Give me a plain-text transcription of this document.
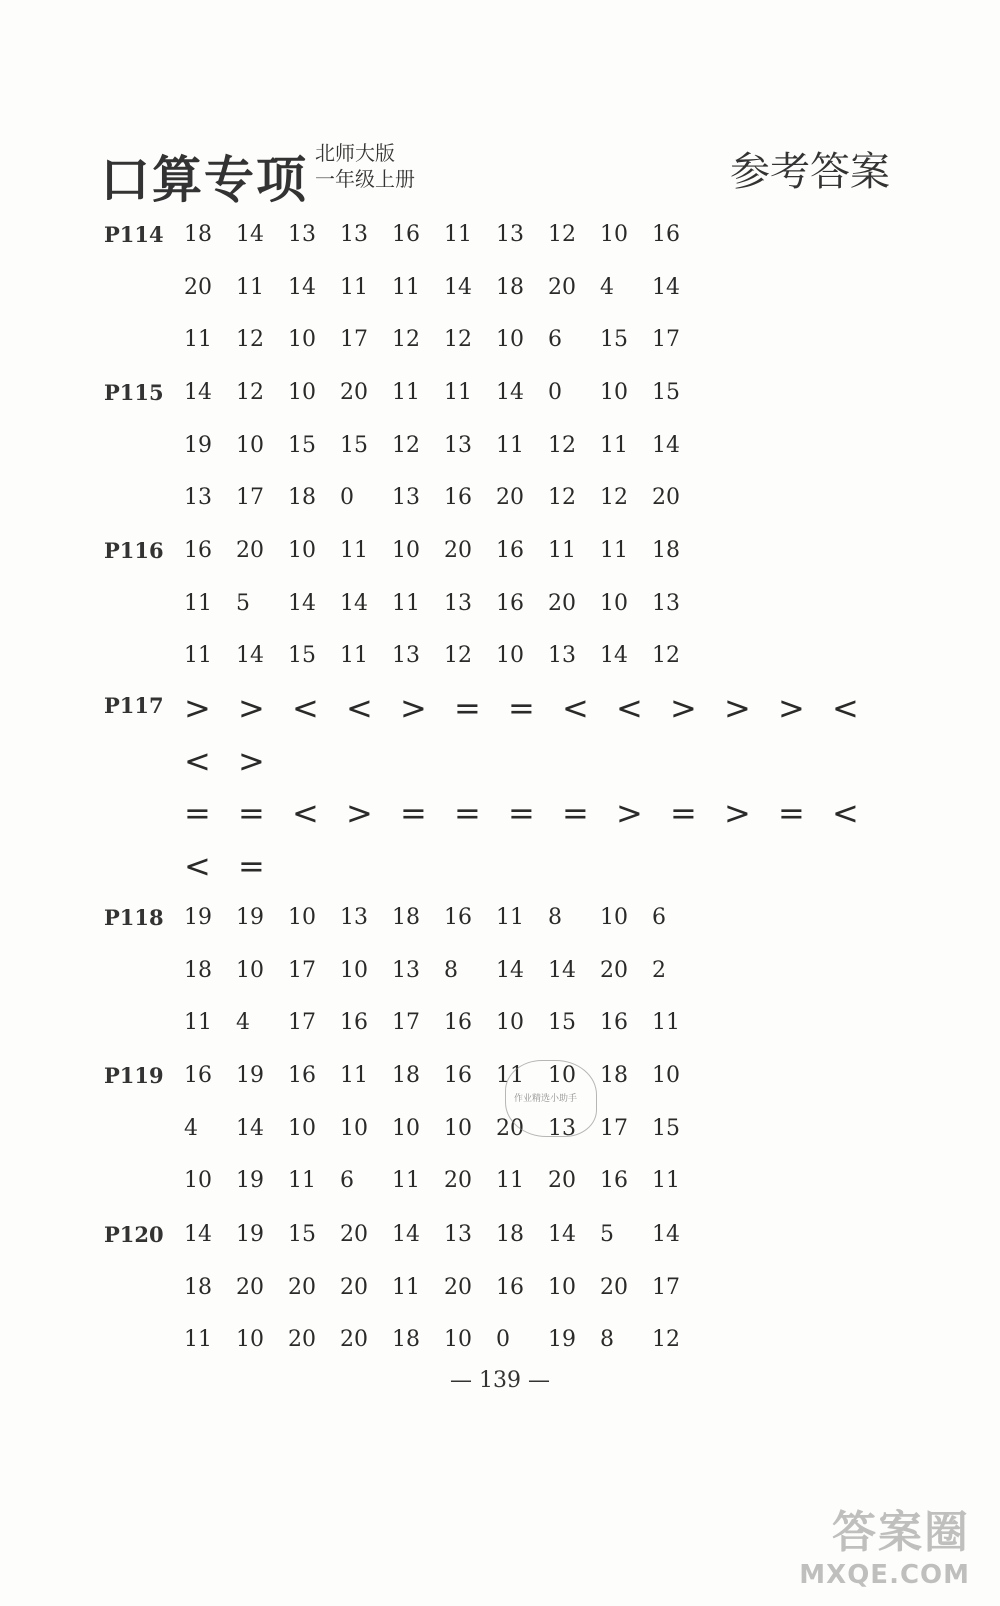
口算专项 北师大版
一年级上册	参考答案
P114 18	14	13	13	16	11	13	12	10	16
20	11	14	11	11	14	18	20	4	14
11	12	10	17	12	12	10	6	15	17
P115 14	12	10	20	11	11	14	0	10	15
19	10	15	15	12	13	11	12	11	14
13	17	18	0	13	16	20	12	12	20
P116 16	20	10	11	10	20	16	11	11	18
11	5	14	14	11	13	16	20	10	13
11	14	15	11	13	12	10	13	14	12
P117 > > < < > = = < < > > > <
< >
= = < > = = = = > = > = <
< =
P118 19	19	10	13	18	16	11	8	10	6
18	10	17	10	13	8	14	14	20	2
11	4	17	16	17	16	10	15	16	11
P119 16	19	16	11	18	16	11	10	18	10
4	14	10	10	10	10	20	13	17	15
10	19	11	6	11	20	11	20	16	11
P120 14	19	15	20	14	13	18	14	5	14
18	20	20	20	11	20	16	10	20	17
11	10	20	20	18	10	0	19	8	12
作业精选小助手
— 139 —
答案圈
MXQE.COM
